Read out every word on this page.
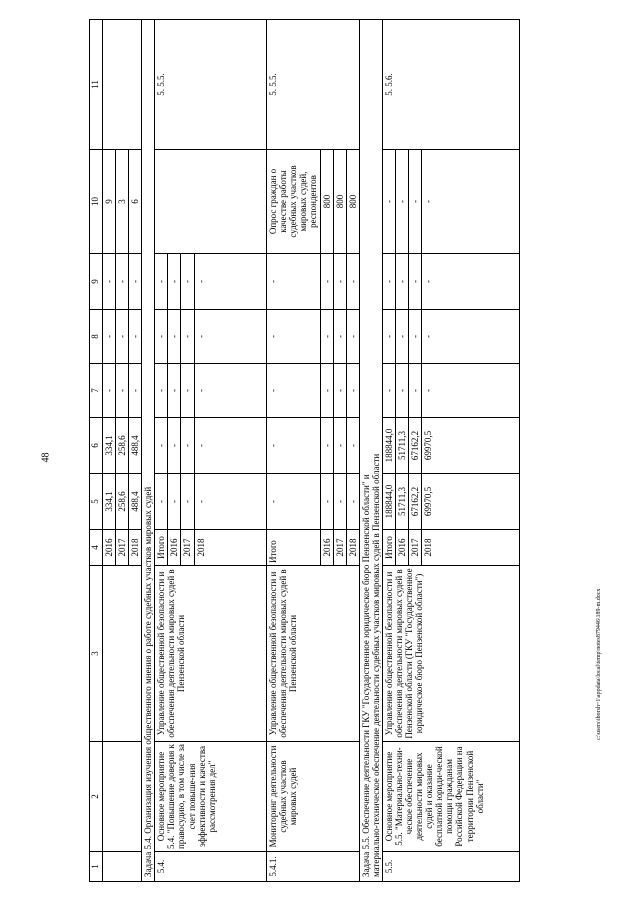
48
c:\users\iborsh~1\appdata\local\temp\notes879446\189-m.docx
1	2	3	4	5	6	7	8	9	10	11
			2016	334,1	334,1	-	-	-	9	
			2017	258,6	258,6	-	-	-	3	
			2018	488,4	488,4	-	-	-	6	
Задача 5.4. Организация изучения общественного мнения о работе судебных участков мировых судей										
5.4.	Основное мероприятие 5.4. "Повышение доверия к правосудию, в том числе за счет повыше-ния эффективности и качества рассмотрения дел"	Управление общественной безопасности и обеспечения деятельности мировых судей в Пензенской области	Итого	-	-	-	-	-		5. 5.5.
			2016	-	-	-	-	-		
			2017	-	-	-	-	-		
			2018	-	-	-	-	-		
5.4.1.	Мониторинг деятельности судебных участков мировых судей	Управление общественной безопасности и обеспечения деятельности мировых судей в Пензенской области	Итого	-	-	-	-	-	Опрос граждан о качестве работы судебных участков мировых судей, респондентов	5. 5.5.
			2016	-	-	-	-	-	800	
			2017	-	-	-	-	-	800	
			2018	-	-	-	-	-	800	
Задача 5.5. Обеспечение деятельности ГКУ "Государственное юридическое бюро Пензенской области" и
материально-техническое обеспечение деятельности судебных участков мировых судей в Пензенской области										
5.5.	Основное мероприятие 5.5. "Материально-техни-ческое обеспечение деятельности мировых судей и оказание бесплатной юриди-ческой помощи гражданам Российской Федерации на территории Пензенской области"	Управление общественной безопасности и обеспечения деятельности мировых судей в Пензенской области (ГКУ "Государственное юридическое бюро Пензенской области")	Итого	188844,0	188844,0	-	-	-	-	5. 5.6.
			2016	51711,3	51711,3	-	-	-	-	
			2017	67162,2	67162,2	-	-	-	-	
			2018	69970,5	69970,5	-	-	-	-	
